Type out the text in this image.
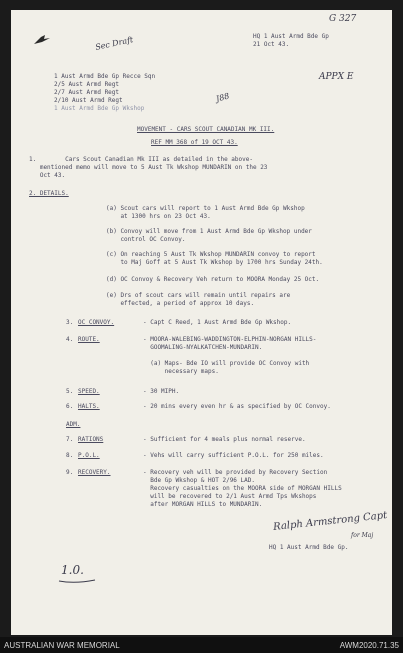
G 327
Sec Draft	HQ 1 Aust Armd Bde Gp
21 Oct 43.
APPX E
J88
1 Aust Armd Bde Gp Recce Sqn
2/5 Aust Armd Regt
2/7 Aust Armd Regt
2/10 Aust Armd Regt
1 Aust Armd Bde Gp Wkshop
MOVEMENT - CARS SCOUT CANADIAN MK III.
REF MM 368 of 19 OCT 43.
1.        Cars Scout Canadian Mk III as detailed in the above-
mentioned memo will move to 5 Aust Tk Wkshop MUNDARIN on the 23
Oct 43.
2. DETAILS.
(a) Scout cars will report to 1 Aust Armd Bde Gp Wkshop
at 1300 hrs on 23 Oct 43.
(b) Convoy will move from 1 Aust Armd Bde Gp Wkshop under
control OC Convoy.
(c) On reaching 5 Aust Tk Wkshop MUNDARIN convoy to report
to Maj Goff at 5 Aust Tk Wkshop by 1700 hrs Sunday 24th.
(d) OC Convoy & Recovery Veh return to MOORA Monday 25 Oct.
(e) Drs of scout cars will remain until repairs are
effected, a period of approx 10 days.
3. OC CONVOY.	- Capt C Reed, 1 Aust Armd Bde Gp Wkshop.
4. ROUTE.	- MOORA-WALEBING-WADDINGTON-ELPHIN-NORGAN HILLS-
GOOMALING-NYALKATCHEN-MUNDARIN.
(a) Maps- Bde IO will provide OC Convoy with
necessary maps.
5. SPEED.	- 30 MIPH.
6. HALTS.	- 20 mins every even hr & as specified by OC Convoy.
ADM.
7. RATIONS	- Sufficient for 4 meals plus normal reserve.
8. P.O.L.	- Vehs will carry sufficient P.O.L. for 250 miles.
9. RECOVERY.	- Recovery veh will be provided by Recovery Section
Bde Gp Wkshop & HOT 2/96 LAD.
Recovery casualties on the MOORA side of MORGAN HILLS
will be recovered to 2/1 Aust Armd Tps Wkshops
after MORGAN HILLS to MUNDARIN.
Ralph Armstrong Capt
for Maj
HQ 1 Aust Armd Bde Gp.
1.0.
AUSTRALIAN WAR MEMORIAL	AWM2020.71.35
